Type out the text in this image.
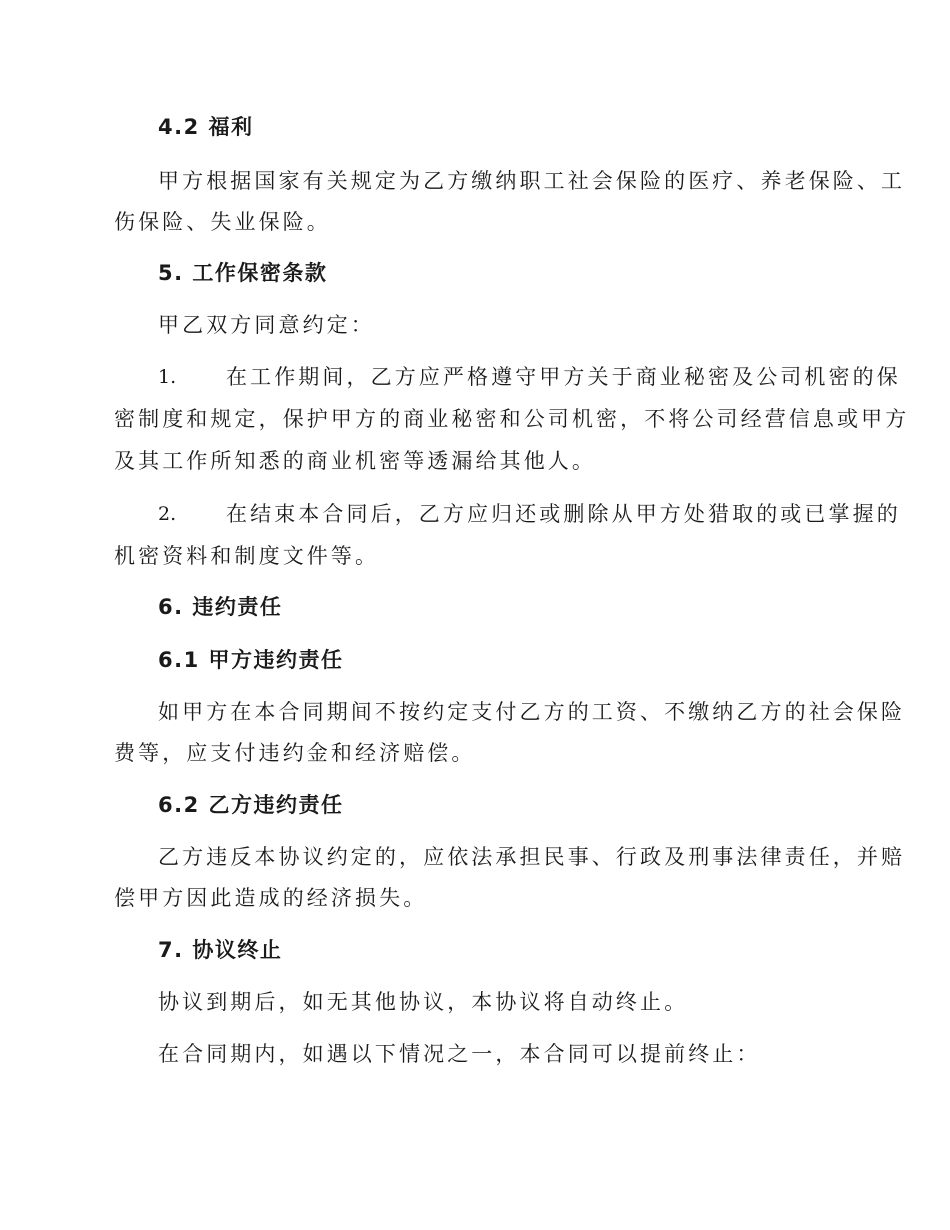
4.2 福利
甲方根据国家有关规定为乙方缴纳职工社会保险的医疗、养老保险、工
伤保险、失业保险。
5. 工作保密条款
甲乙双方同意约定：
1. 在工作期间，乙方应严格遵守甲方关于商业秘密及公司机密的保
密制度和规定，保护甲方的商业秘密和公司机密，不将公司经营信息或甲方
及其工作所知悉的商业机密等透漏给其他人。
2. 在结束本合同后，乙方应归还或删除从甲方处猎取的或已掌握的
机密资料和制度文件等。
6. 违约责任
6.1 甲方违约责任
如甲方在本合同期间不按约定支付乙方的工资、不缴纳乙方的社会保险
费等，应支付违约金和经济赔偿。
6.2 乙方违约责任
乙方违反本协议约定的，应依法承担民事、行政及刑事法律责任，并赔
偿甲方因此造成的经济损失。
7. 协议终止
协议到期后，如无其他协议，本协议将自动终止。
在合同期内，如遇以下情况之一，本合同可以提前终止：
